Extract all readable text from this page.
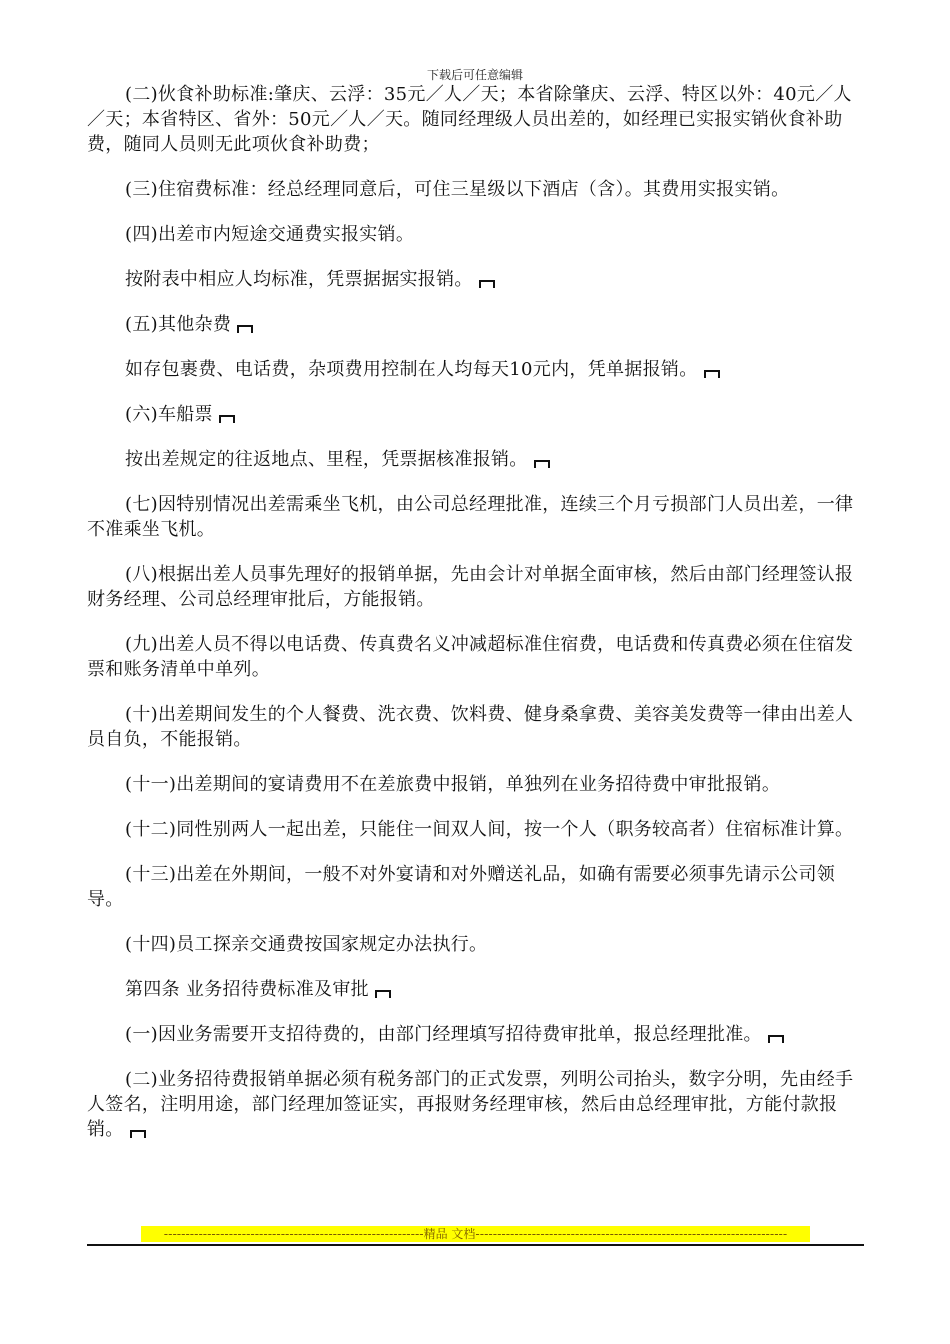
下载后可任意编辑

(二)伙食补助标准:肇庆、云浮：35元／人／天；本省除肇庆、云浮、特区以外：40元／人／天；本省特区、省外：50元／人／天。随同经理级人员出差的，如经理已实报实销伙食补助费，随同人员则无此项伙食补助费；

(三)住宿费标准：经总经理同意后，可住三星级以下酒店（含）。其费用实报实销。

(四)出差市内短途交通费实报实销。

按附表中相应人均标准，凭票据据实报销。

(五)其他杂费

如存包裹费、电话费，杂项费用控制在人均每天10元内，凭单据报销。

(六)车船票

按出差规定的往返地点、里程，凭票据核准报销。

(七)因特别情况出差需乘坐飞机，由公司总经理批准，连续三个月亏损部门人员出差，一律不准乘坐飞机。

(八)根据出差人员事先理好的报销单据，先由会计对单据全面审核，然后由部门经理签认报财务经理、公司总经理审批后，方能报销。

(九)出差人员不得以电话费、传真费名义冲减超标准住宿费，电话费和传真费必须在住宿发票和账务清单中单列。

(十)出差期间发生的个人餐费、洗衣费、饮料费、健身桑拿费、美容美发费等一律由出差人员自负，不能报销。

(十一)出差期间的宴请费用不在差旅费中报销，单独列在业务招待费中审批报销。

(十二)同性别两人一起出差，只能住一间双人间，按一个人（职务较高者）住宿标准计算。

(十三)出差在外期间，一般不对外宴请和对外赠送礼品，如确有需要必须事先请示公司领导。

(十四)员工探亲交通费按国家规定办法执行。

第四条 业务招待费标准及审批

(一)因业务需要开支招待费的，由部门经理填写招待费审批单，报总经理批准。

(二)业务招待费报销单据必须有税务部门的正式发票，列明公司抬头，数字分明，先由经手人签名，注明用途，部门经理加签证实，再报财务经理审核，然后由总经理审批，方能付款报销。

------------------------------------------------------------精品 文档------------------------------------------------------------------------
